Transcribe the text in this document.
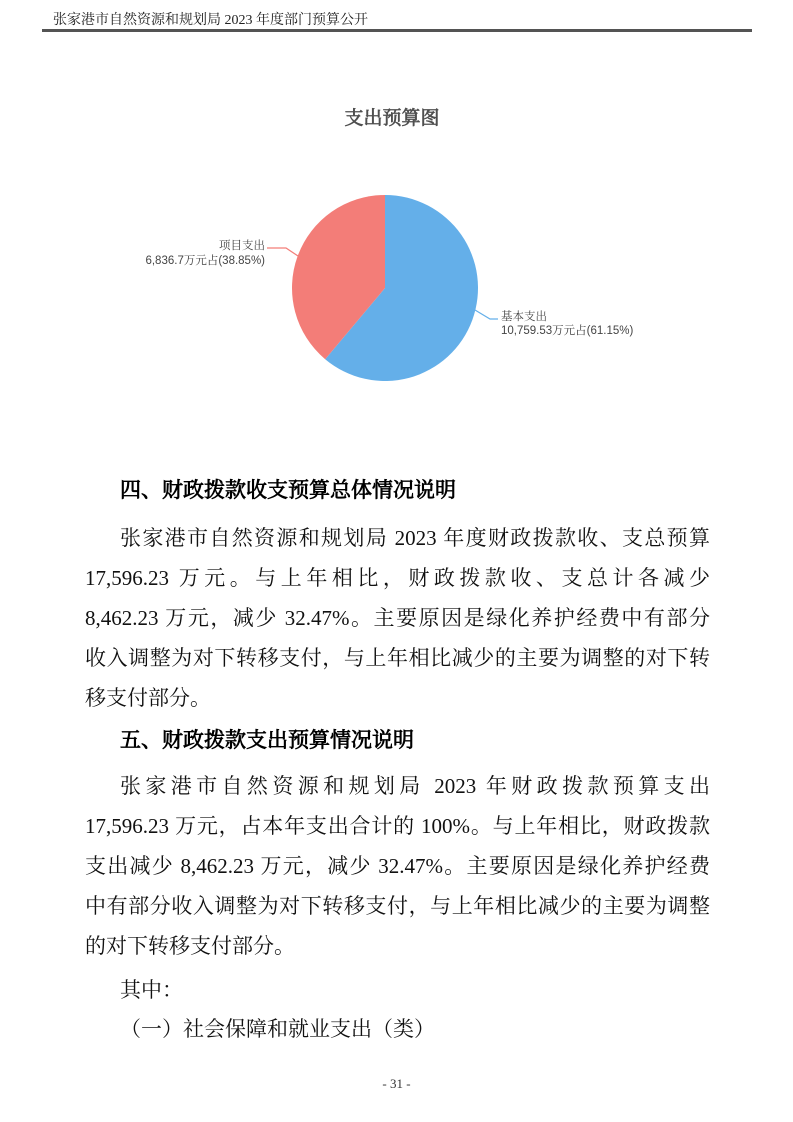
张家港市自然资源和规划局 2023 年度部门预算公开
支出预算图
项目支出
6,836.7万元占(38.85%)
基本支出
10,759.53万元占(61.15%)
四、财政拨款收支预算总体情况说明
张家港市自然资源和规划局 2023 年度财政拨款收、支总预算
17,596.23 万元。与上年相比，财政拨款收、支总计各减少
8,462.23 万元，减少 32.47%。主要原因是绿化养护经费中有部分
收入调整为对下转移支付，与上年相比减少的主要为调整的对下转
移支付部分。
五、财政拨款支出预算情况说明
张家港市自然资源和规划局 2023 年财政拨款预算支出
17,596.23 万元，占本年支出合计的 100%。与上年相比，财政拨款
支出减少 8,462.23 万元，减少 32.47%。主要原因是绿化养护经费
中有部分收入调整为对下转移支付，与上年相比减少的主要为调整
的对下转移支付部分。
其中：
（一）社会保障和就业支出（类）
- 31 -
